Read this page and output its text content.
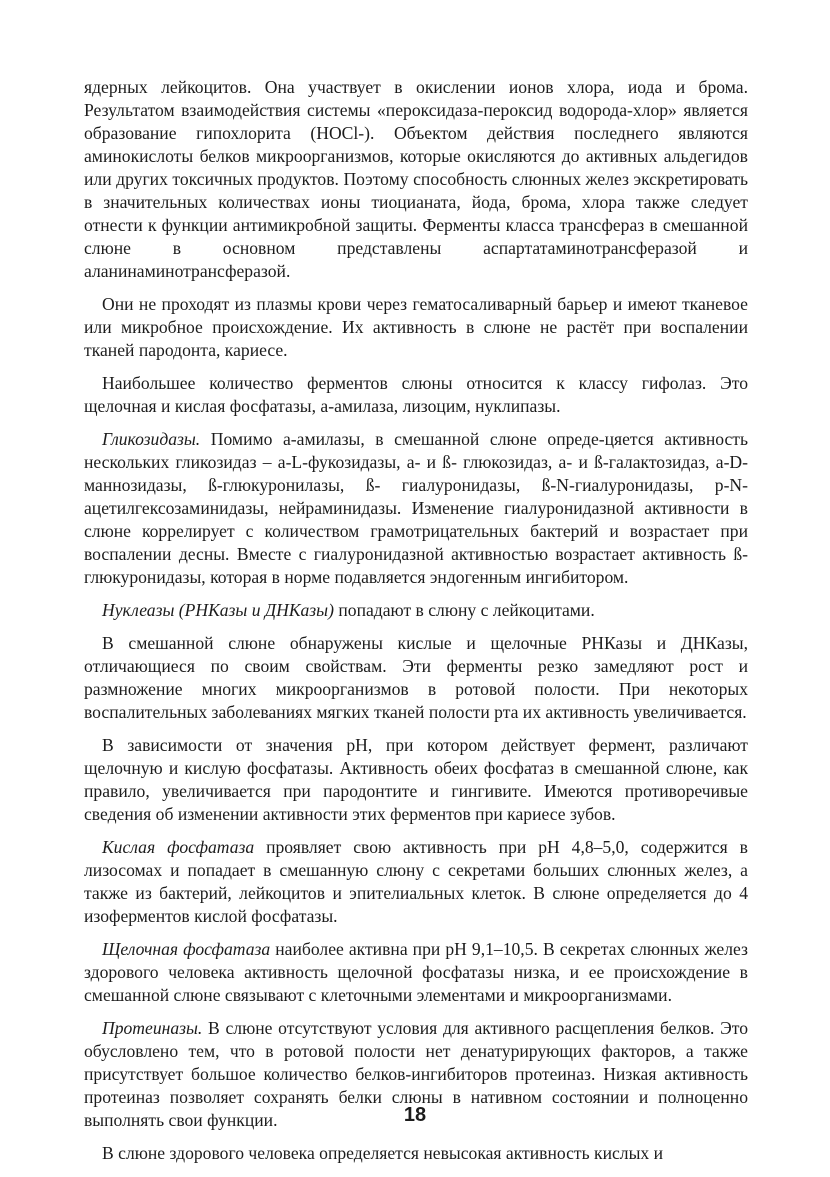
ядерных лейкоцитов. Она участвует в окислении ионов хлора, иода и брома. Результатом взаимодействия системы «пероксидаза-пероксид водорода-хлор» является образование гипохлорита (HOCl-). Объектом действия последнего являются аминокислоты белков микроорганизмов, которые окисляются до активных альдегидов или других токсичных продуктов. Поэтому способность слюнных желез экскретировать в значительных количествах ионы тиоцианата, йода, брома, хлора также следует отнести к функции антимикробной защиты. Ферменты класса трансфераз в смешанной слюне в основном представлены аспартатаминотрансферазой и аланинаминотрансферазой.

Они не проходят из плазмы крови через гематосаливарный барьер и имеют тканевое или микробное происхождение. Их активность в слюне не растёт при воспалении тканей пародонта, кариесе.

Наибольшее количество ферментов слюны относится к классу гифолаз. Это щелочная и кислая фосфатазы, a-амилаза, лизоцим, нуклипазы.

Гликозидазы. Помимо a-амилазы, в смешанной слюне опреде-цяется активность нескольких гликозидаз – a-L-фукозидазы, a- и ß- глюкозидаз, a- и ß-галактозидаз, a-D-маннозидазы, ß-глюкуронилазы, ß- гиалуронидазы, ß-N-гиалуронидазы, p-N-ацетилгексозаминидазы, нейраминидазы. Изменение гиалуронидазной активности в слюне коррелирует с количеством грамотрицательных бактерий и возрастает при воспалении десны. Вместе с гиалуронидазной активностью возрастает активность ß-глюкуронидазы, которая в норме подавляется эндогенным ингибитором.

Нуклеазы (РНКазы и ДНКазы) попадают в слюну с лейкоцитами.

В смешанной слюне обнаружены кислые и щелочные РНКазы и ДНКазы, отличающиеся по своим свойствам. Эти ферменты резко замедляют рост и размножение многих микроорганизмов в ротовой полости. При некоторых воспалительных заболеваниях мягких тканей полости рта их активность увеличивается.

В зависимости от значения рН, при котором действует фермент, различают щелочную и кислую фосфатазы. Активность обеих фосфатаз в смешанной слюне, как правило, увеличивается при пародонтите и гингивите. Имеются противоречивые сведения об изменении активности этих ферментов при кариесе зубов.

Кислая фосфатаза проявляет свою активность при рН 4,8–5,0, содержится в лизосомах и попадает в смешанную слюну с секретами больших слюнных желез, а также из бактерий, лейкоцитов и эпителиальных клеток. В слюне определяется до 4 изоферментов кислой фосфатазы.

Щелочная фосфатаза наиболее активна при рН 9,1–10,5. В секретах слюнных желез здорового человека активность щелочной фосфатазы низка, и ее происхождение в смешанной слюне связывают с клеточными элементами и микроорганизмами.

Протеиназы. В слюне отсутствуют условия для активного расщепления белков. Это обусловлено тем, что в ротовой полости нет денатурирующих факторов, а также присутствует большое количество белков-ингибиторов протеиназ. Низкая активность протеиназ позволяет сохранять белки слюны в нативном состоянии и полноценно выполнять свои функции.

В слюне здорового человека определяется невысокая активность кислых и

18
